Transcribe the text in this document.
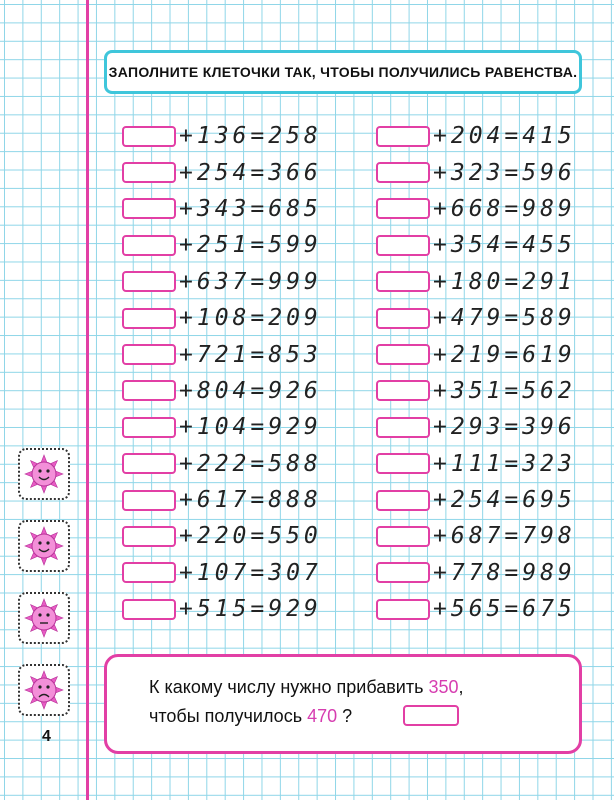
ЗАПОЛНИТЕ КЛЕТОЧКИ ТАК, ЧТОБЫ ПОЛУЧИЛИСЬ РАВЕНСТВА.
+136=258
+254=366
+343=685
+251=599
+637=999
+108=209
+721=853
+804=926
+104=929
+222=588
+617=888
+220=550
+107=307
+515=929
+204=415
+323=596
+668=989
+354=455
+180=291
+479=589
+219=619
+351=562
+293=396
+111=323
+254=695
+687=798
+778=989
+565=675
К какому числу нужно прибавить 350,
чтобы получилось 470 ?
4
